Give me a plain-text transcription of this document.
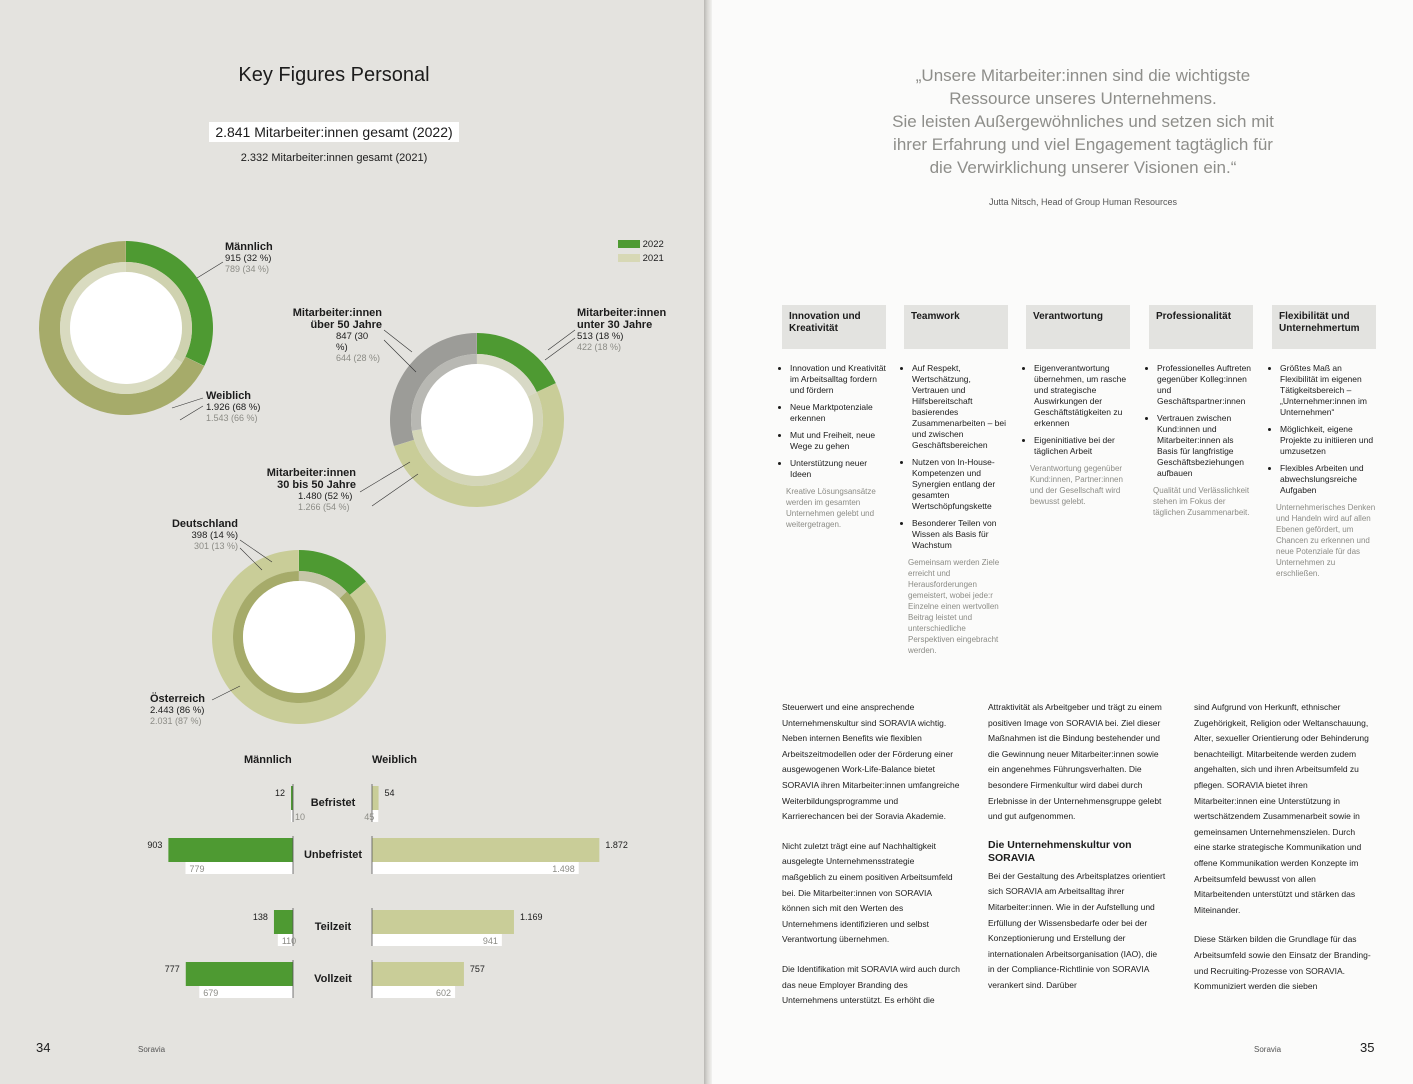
Key Figures Personal
2.841 Mitarbeiter:innen gesamt (2022)
2.332 Mitarbeiter:innen gesamt (2021)
2022
2021
Männlich
915 (32 %)
789 (34 %)
Weiblich
1.926 (68 %)
1.543 (66 %)
Mitarbeiter:innen
über 50 Jahre
847 (30 %)
644 (28 %)
Mitarbeiter:innen
unter 30 Jahre
513 (18 %)
422 (18 %)
Mitarbeiter:innen
30 bis 50 Jahre
1.480 (52 %)
1.266 (54 %)
Deutschland
398 (14 %)
301 (13 %)
Österreich
2.443 (86 %)
2.031 (87 %)
Männlich	Weiblich
Befristet
12
10
54
45
Unbefristet
903
779
1.872
1.498
Teilzeit
138
110
1.169
941
Vollzeit
777
679
757
602
34	Soravia
„Unsere Mitarbeiter:innen sind die wichtigste
Ressource unseres Unternehmens.
Sie leisten Außergewöhnliches und setzen sich mit
ihrer Erfahrung und viel Engagement tagtäglich für
die Verwirklichung unserer Visionen ein.“
Jutta Nitsch, Head of Group Human Resources
Innovation und Kreativität
• Innovation und Kreativität im Arbeitsalltag fordern und fördern
• Neue Marktpotenziale erkennen
• Mut und Freiheit, neue Wege zu gehen
• Unterstützung neuer Ideen
Kreative Lösungsansätze werden im gesamten Unternehmen gelebt und weitergetragen.
Teamwork
• Auf Respekt, Wertschätzung, Vertrauen und Hilfsbereitschaft basierendes Zusammenarbeiten – bei und zwischen Geschäftsbereichen
• Nutzen von In-House-Kompetenzen und Synergien entlang der gesamten Wertschöpfungskette
• Besonderer Teilen von Wissen als Basis für Wachstum
Gemeinsam werden Ziele erreicht und Herausforderungen gemeistert, wobei jede:r Einzelne einen wertvollen Beitrag leistet und unterschiedliche Perspektiven eingebracht werden.
Verantwortung
• Eigenverantwortung übernehmen, um rasche und strategische Auswirkungen der Geschäftstätigkeiten zu erkennen
• Eigeninitiative bei der täglichen Arbeit
Verantwortung gegenüber Kund:innen, Partner:innen und der Gesellschaft wird bewusst gelebt.
Professionalität
• Professionelles Auftreten gegenüber Kolleg:innen und Geschäftspartner:innen
• Vertrauen zwischen Kund:innen und Mitarbeiter:innen als Basis für langfristige Geschäftsbeziehungen aufbauen
Qualität und Verlässlichkeit stehen im Fokus der täglichen Zusammenarbeit.
Flexibilität und Unternehmertum
• Größtes Maß an Flexibilität im eigenen Tätigkeitsbereich – „Unternehmer:innen im Unternehmen“
• Möglichkeit, eigene Projekte zu initiieren und umzusetzen
• Flexibles Arbeiten und abwechslungsreiche Aufgaben
Unternehmerisches Denken und Handeln wird auf allen Ebenen gefördert, um Chancen zu erkennen und neue Potenziale für das Unternehmen zu erschließen.

Steuerwert und eine ansprechende Unternehmenskultur sind SORAVIA wichtig. Neben internen Benefits wie flexiblen Arbeitszeitmodellen oder der Förderung einer ausgewogenen Work-Life-Balance bietet SORAVIA ihren Mitarbeiter:innen umfangreiche Weiterbildungsprogramme und Karrierechancen bei der Soravia Akademie.

Nicht zuletzt trägt eine auf Nachhaltigkeit ausgelegte Unternehmensstrategie maßgeblich zu einem positiven Arbeitsumfeld bei. Die Mitarbeiter:innen von SORAVIA können sich mit den Werten des Unternehmens identifizieren und selbst Verantwortung übernehmen.

Die Identifikation mit SORAVIA wird auch durch das neue Employer Branding des Unternehmens unterstützt. Es erhöht die

Attraktivität als Arbeitgeber und trägt zu einem positiven Image von SORAVIA bei. Ziel dieser Maßnahmen ist die Bindung bestehender und die Gewinnung neuer Mitarbeiter:innen sowie ein angenehmes Führungsverhalten. Die besondere Firmenkultur wird dabei durch Erlebnisse in der Unternehmensgruppe gelebt und gut aufgenommen.

Die Unternehmenskultur von SORAVIA

Bei der Gestaltung des Arbeitsplatzes orientiert sich SORAVIA am Arbeitsalltag ihrer Mitarbeiter:innen. Wie in der Aufstellung und Erfüllung der Wissensbedarfe oder bei der Konzeptionierung und Erstellung der internationalen Arbeitsorganisation (IAO), die in der Compliance-Richtlinie von SORAVIA verankert sind. Darüber

sind Aufgrund von Herkunft, ethnischer Zugehörigkeit, Religion oder Weltanschauung, Alter, sexueller Orientierung oder Behinderung benachteiligt. Mitarbeitende werden zudem angehalten, sich und ihren Arbeitsumfeld zu pflegen. SORAVIA bietet ihren Mitarbeiter:innen eine Unterstützung in wertschätzendem Zusammenarbeit sowie in gemeinsamen Unternehmenszielen. Durch eine starke strategische Kommunikation und offene Kommunikation werden Konzepte im Arbeitsumfeld bewusst von allen Mitarbeitenden unterstützt und stärken das Miteinander.

Diese Stärken bilden die Grundlage für das Arbeitsumfeld sowie den Einsatz der Branding- und Recruiting-Prozesse von SORAVIA. Kommuniziert werden die sieben

Soravia	35
